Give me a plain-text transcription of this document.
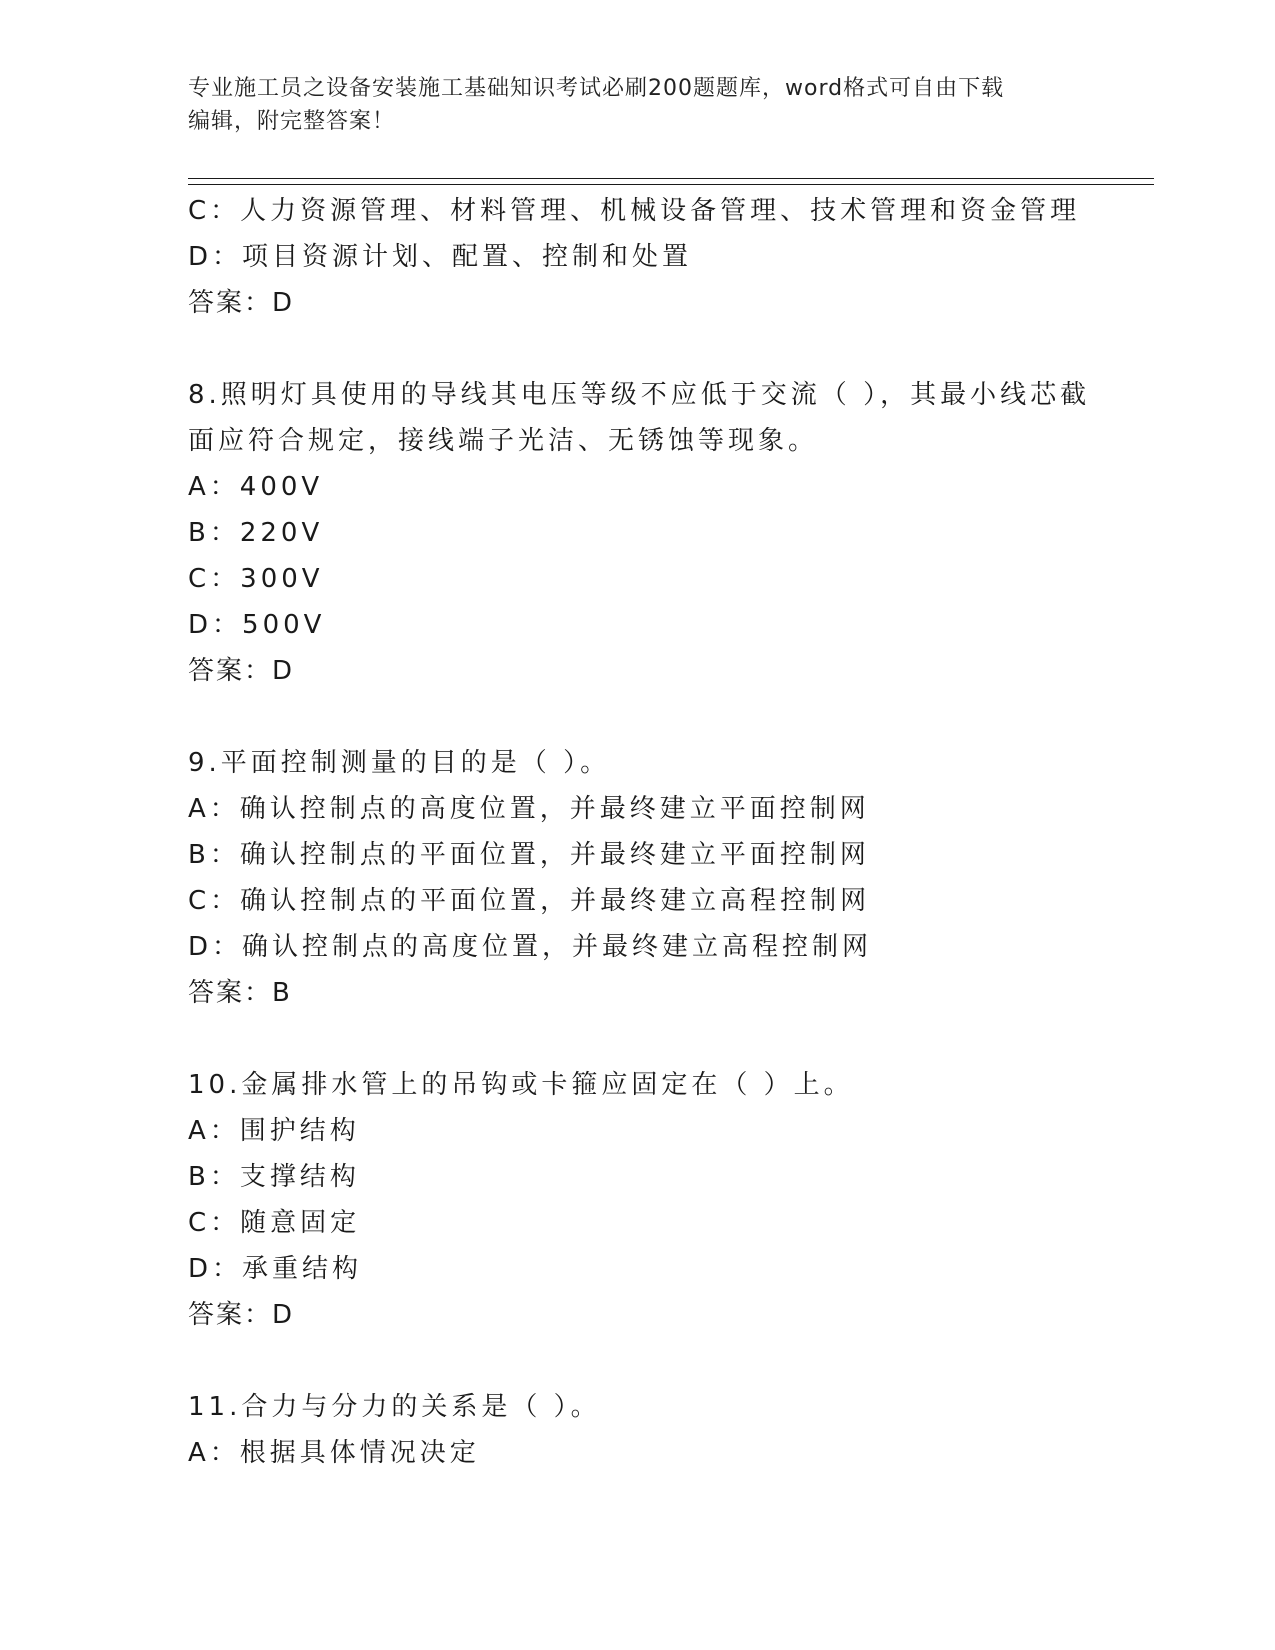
专业施工员之设备安装施工基础知识考试必刷200题题库，word格式可自由下载
编辑，附完整答案！
C：人力资源管理、材料管理、机械设备管理、技术管理和资金管理
D：项目资源计划、配置、控制和处置
答案：D
8.照明灯具使用的导线其电压等级不应低于交流（ ），其最小线芯截
面应符合规定，接线端子光洁、无锈蚀等现象。
A：400V
B：220V
C：300V
D：500V
答案：D
9.平面控制测量的目的是（ ）。
A：确认控制点的高度位置，并最终建立平面控制网
B：确认控制点的平面位置，并最终建立平面控制网
C：确认控制点的平面位置，并最终建立高程控制网
D：确认控制点的高度位置，并最终建立高程控制网
答案：B
10.金属排水管上的吊钩或卡箍应固定在（ ）上。
A：围护结构
B：支撑结构
C：随意固定
D：承重结构
答案：D
11.合力与分力的关系是（ ）。
A：根据具体情况决定
